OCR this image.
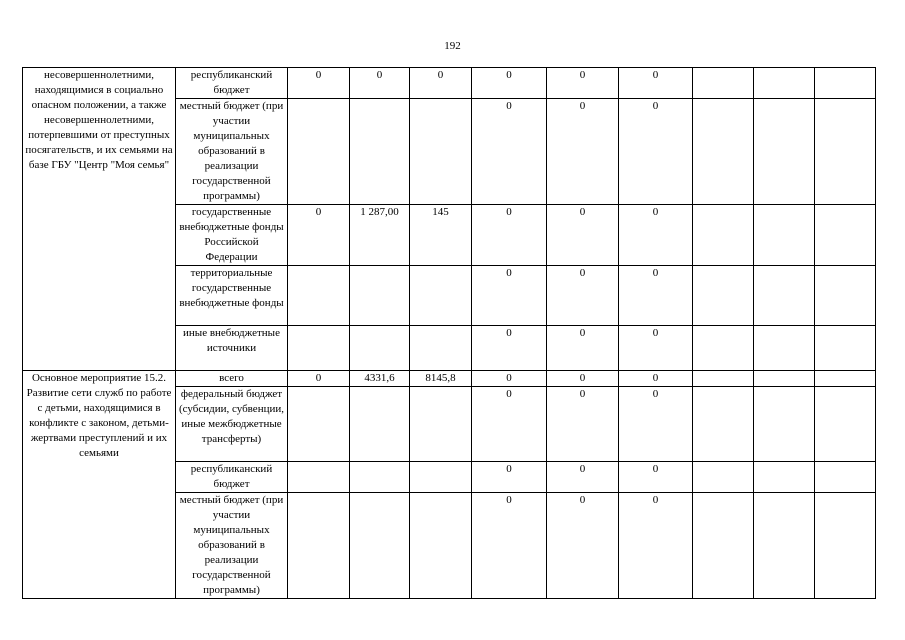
192
несовершеннолетними, находящимися в социально опасном положении, а также несовершеннолетними, потерпевшими от преступных посягательств, и их семьями на базе ГБУ "Центр "Моя семья"	республиканский бюджет	0	0	0	0	0	0			
	местный бюджет (при участии муниципальных образований в реализации государственной программы)				0	0	0			
	государственные внебюджетные фонды Российской Федерации	0	1 287,00	145	0	0	0			
	территориальные государственные внебюджетные фонды				0	0	0			
	иные внебюджетные источники				0	0	0			
Основное мероприятие 15.2. Развитие сети служб по работе с детьми, находящимися в конфликте с законом, детьми-жертвами преступлений и их семьями	всего	0	4331,6	8145,8	0	0	0			
	федеральный бюджет (субсидии, субвенции, иные межбюджетные трансферты)				0	0	0			
	республиканский бюджет				0	0	0			
	местный бюджет (при участии муниципальных образований в реализации государственной программы)				0	0	0			
